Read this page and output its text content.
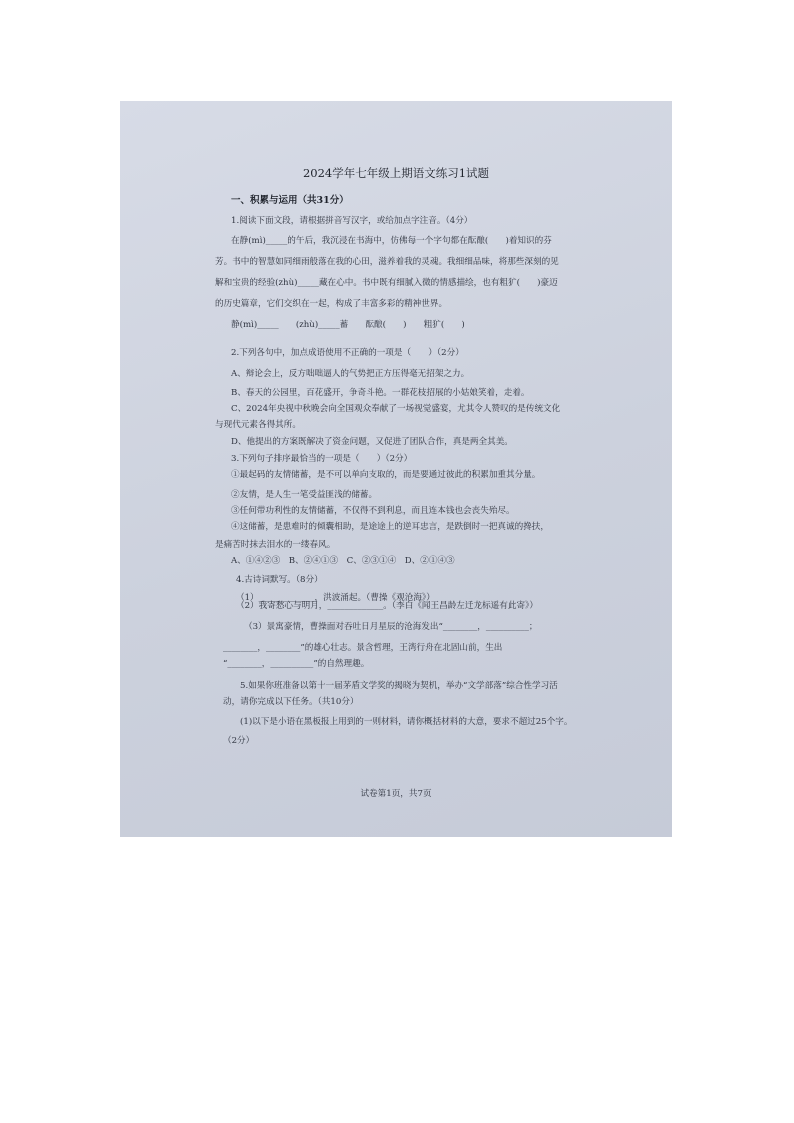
2024学年七年级上期语文练习1试题
一、积累与运用（共31分）
1.阅读下面文段，请根据拼音写汉字，或给加点字注音。（4分）
在静(mì)_____的午后，我沉浸在书海中，仿佛每一个字句都在酝酿(　　)着知识的芬
芳。书中的智慧如同细雨般落在我的心田，滋养着我的灵魂。我细细品味，将那些深刻的见
解和宝贵的经验(zhù)_____藏在心中。书中既有细腻入微的情感描绘，也有粗犷(　　)豪迈
的历史篇章，它们交织在一起，构成了丰富多彩的精神世界。
静(mì)_____　　(zhù)_____蓄　　酝酿(　　)　　粗犷(　　)
2.下列各句中，加点成语使用不正确的一项是（　　）（2分）
A、辩论会上，反方咄咄逼人的气势把正方压得毫无招架之力。
B、春天的公园里，百花盛开，争奇斗艳。一群花枝招展的小姑娘笑着，走着。
C、2024年央视中秋晚会向全国观众奉献了一场视觉盛宴，尤其令人赞叹的是传统文化
与现代元素各得其所。
D、他提出的方案既解决了资金问题，又促进了团队合作，真是两全其美。
3.下列句子排序最恰当的一项是（　　）（2分）
①最起码的友情储蓄，是不可以单向支取的，而是要通过彼此的积累加重其分量。
②友情，是人生一笔受益匪浅的储蓄。
③任何带功利性的友情储蓄，不仅得不到利息，而且连本钱也会丧失殆尽。
④这储蓄，是患难时的倾囊相助，是途途上的逆耳忠言，是跌倒时一把真诚的搀扶，
是痛苦时抹去泪水的一缕春风。
A、①④②③　B、②④①③　C、②③①④　D、②①④③
4.古诗词默写。（8分）
（1）_____________，洪波涌起。（曹操《观沧海》）
（2）我寄愁心与明月，_____________。（李白《闻王昌龄左迁龙标遥有此寄》）
（3）景寓豪情，曹操面对吞吐日月星辰的沧海发出“________，__________；
________，________”的雄心壮志。景含哲理，王湾行舟在北固山前，生出
“________，__________”的自然理趣。
5.如果你班准备以第十一届茅盾文学奖的揭晓为契机，举办“文学部落”综合性学习活
动，请你完成以下任务。（共10分）
(1)以下是小语在黑板报上用到的一则材料，请你概括材料的大意，要求不超过25个字。
（2分）
试卷第1页，共7页
